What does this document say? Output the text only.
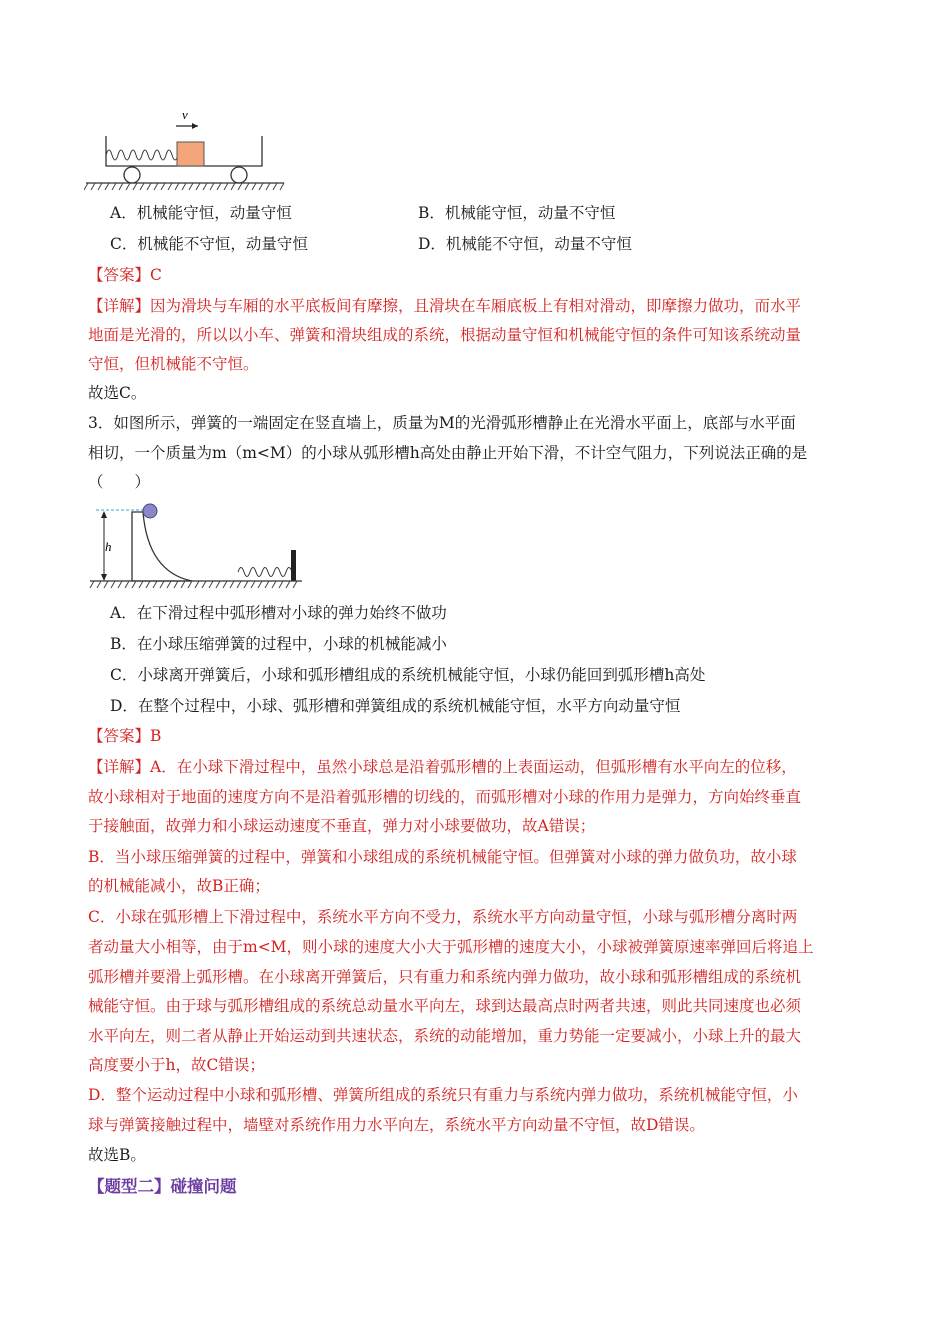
v
A．机械能守恒，动量守恒	B．机械能守恒，动量不守恒
C．机械能不守恒，动量守恒	D．机械能不守恒，动量不守恒
【答案】C
【详解】因为滑块与车厢的水平底板间有摩擦，且滑块在车厢底板上有相对滑动，即摩擦力做功，而水平
地面是光滑的，所以以小车、弹簧和滑块组成的系统，根据动量守恒和机械能守恒的条件可知该系统动量
守恒，但机械能不守恒。
故选C。
3．如图所示，弹簧的一端固定在竖直墙上，质量为M的光滑弧形槽静止在光滑水平面上，底部与水平面
相切，一个质量为m（m<M）的小球从弧形槽h高处由静止开始下滑，不计空气阻力，下列说法正确的是
（　　）
h
A．在下滑过程中弧形槽对小球的弹力始终不做功
B．在小球压缩弹簧的过程中，小球的机械能减小
C．小球离开弹簧后，小球和弧形槽组成的系统机械能守恒，小球仍能回到弧形槽h高处
D．在整个过程中，小球、弧形槽和弹簧组成的系统机械能守恒，水平方向动量守恒
【答案】B
【详解】A．在小球下滑过程中，虽然小球总是沿着弧形槽的上表面运动，但弧形槽有水平向左的位移，
故小球相对于地面的速度方向不是沿着弧形槽的切线的，而弧形槽对小球的作用力是弹力，方向始终垂直
于接触面，故弹力和小球运动速度不垂直，弹力对小球要做功，故A错误；
B．当小球压缩弹簧的过程中，弹簧和小球组成的系统机械能守恒。但弹簧对小球的弹力做负功，故小球
的机械能减小，故B正确；
C．小球在弧形槽上下滑过程中，系统水平方向不受力，系统水平方向动量守恒，小球与弧形槽分离时两
者动量大小相等，由于m<M，则小球的速度大小大于弧形槽的速度大小，小球被弹簧原速率弹回后将追上
弧形槽并要滑上弧形槽。在小球离开弹簧后，只有重力和系统内弹力做功，故小球和弧形槽组成的系统机
械能守恒。由于球与弧形槽组成的系统总动量水平向左，球到达最高点时两者共速，则此共同速度也必须
水平向左，则二者从静止开始运动到共速状态，系统的动能增加，重力势能一定要减小，小球上升的最大
高度要小于h，故C错误；
D．整个运动过程中小球和弧形槽、弹簧所组成的系统只有重力与系统内弹力做功，系统机械能守恒，小
球与弹簧接触过程中，墙壁对系统作用力水平向左，系统水平方向动量不守恒，故D错误。
故选B。
【题型二】碰撞问题
